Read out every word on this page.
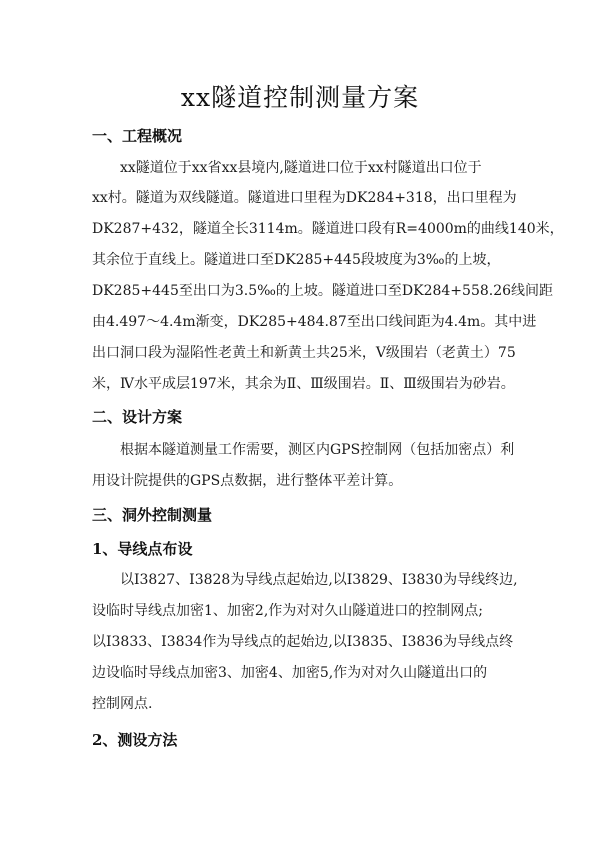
xx隧道控制测量方案
一、工程概况
xx隧道位于xx省xx县境内,隧道进口位于xx村隧道出口位于
xx村。隧道为双线隧道。隧道进口里程为DK284+318，出口里程为
DK287+432，隧道全长3114m。隧道进口段有R=4000m的曲线140米，
其余位于直线上。隧道进口至DK285+445段坡度为3‰的上坡，
DK285+445至出口为3.5‰的上坡。隧道进口至DK284+558.26线间距
由4.497～4.4m渐变，DK285+484.87至出口线间距为4.4m。其中进
出口洞口段为湿陷性老黄土和新黄土共25米，Ⅴ级围岩（老黄土）75
米，Ⅳ水平成层197米，其余为Ⅱ、Ⅲ级围岩。Ⅱ、Ⅲ级围岩为砂岩。
二、设计方案
根据本隧道测量工作需要，测区内GPS控制网（包括加密点）利
用设计院提供的GPS点数据，进行整体平差计算。
三、洞外控制测量
1、导线点布设
以I3827、I3828为导线点起始边,以I3829、I3830为导线终边,
设临时导线点加密1、加密2,作为对对久山隧道进口的控制网点;
以I3833、I3834作为导线点的起始边,以I3835、I3836为导线点终
边设临时导线点加密3、加密4、加密5,作为对对久山隧道出口的
控制网点.
2、测设方法
